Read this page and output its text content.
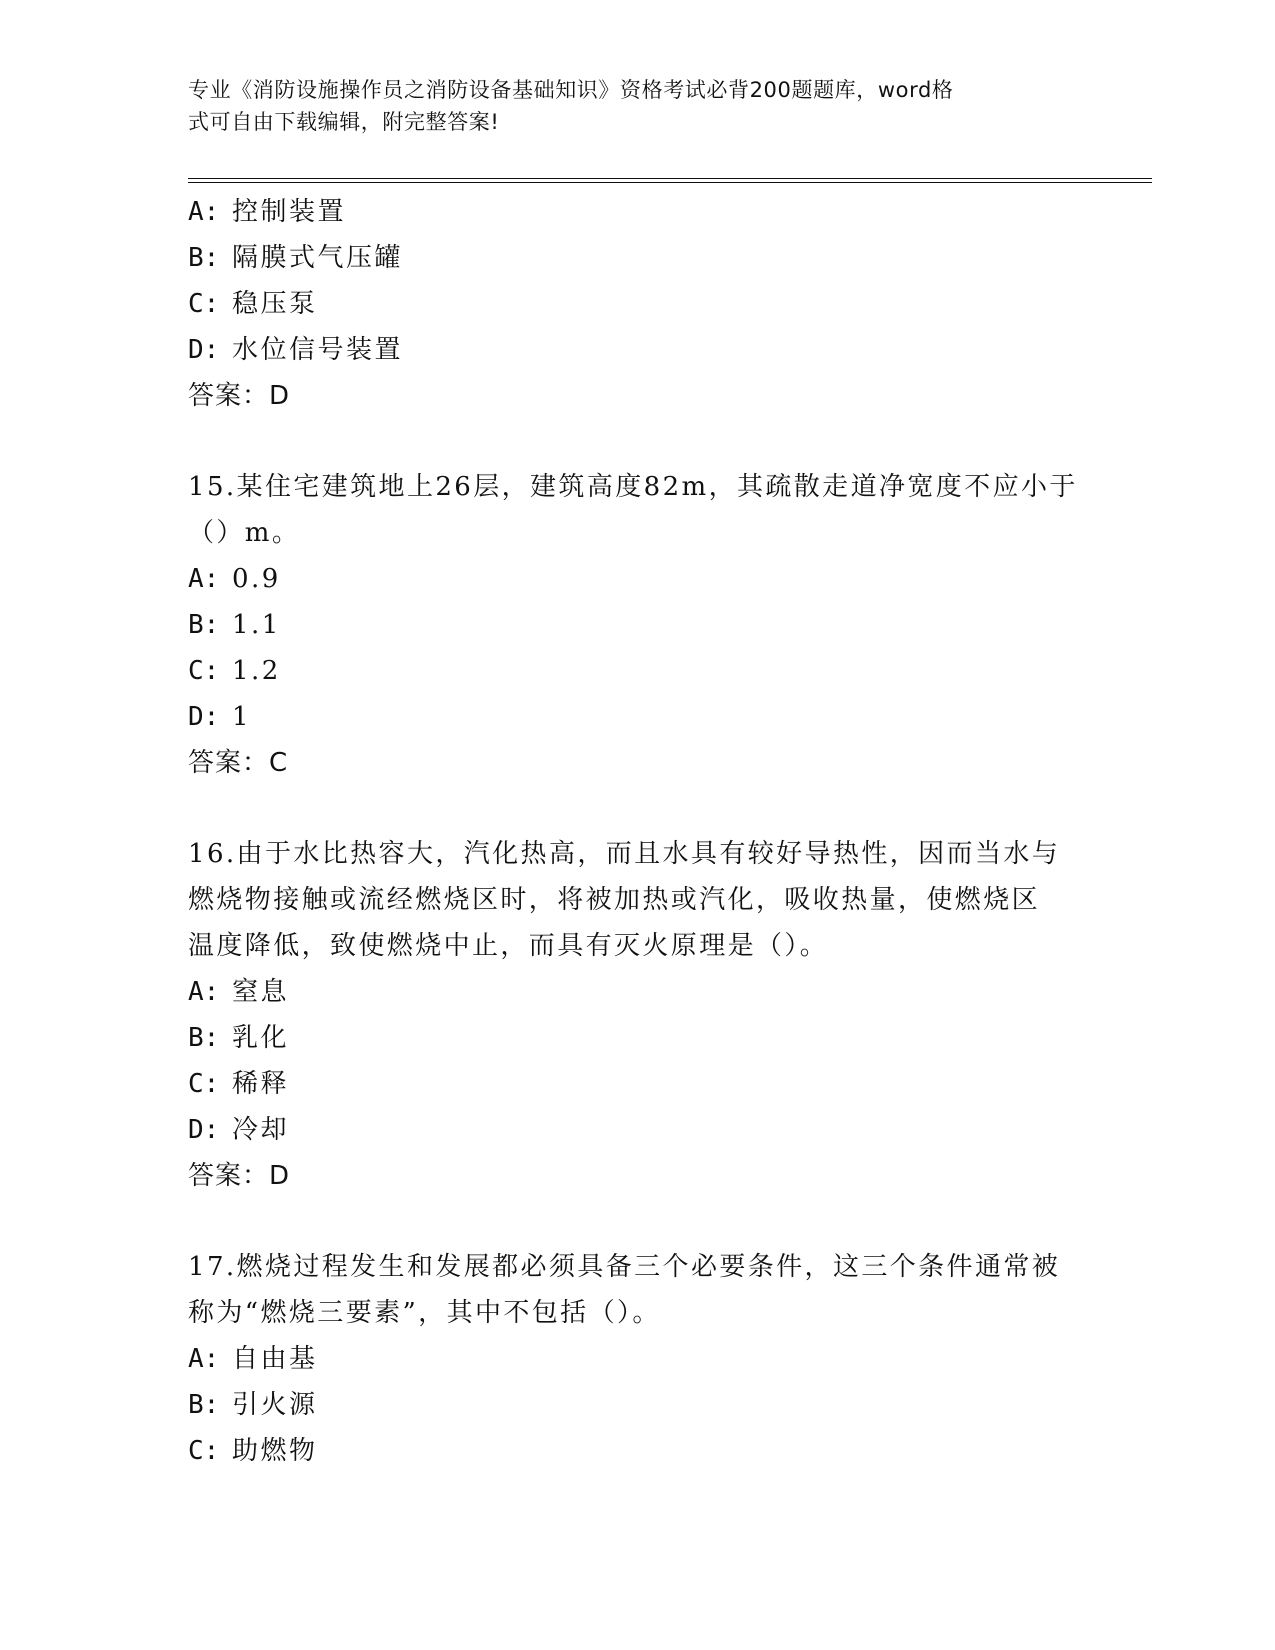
专业《消防设施操作员之消防设备基础知识》资格考试必背200题题库，word格
式可自由下载编辑，附完整答案!
A: 控制装置
B: 隔膜式气压罐
C: 稳压泵
D: 水位信号装置
答案：D
15.某住宅建筑地上26层，建筑高度82m，其疏散走道净宽度不应小于
（）m。
A: 0.9
B: 1.1
C: 1.2
D: 1
答案：C
16.由于水比热容大，汽化热高，而且水具有较好导热性，因而当水与
燃烧物接触或流经燃烧区时，将被加热或汽化，吸收热量，使燃烧区
温度降低，致使燃烧中止，而具有灭火原理是（）。
A: 窒息
B: 乳化
C: 稀释
D: 冷却
答案：D
17.燃烧过程发生和发展都必须具备三个必要条件，这三个条件通常被
称为“燃烧三要素”，其中不包括（）。
A: 自由基
B: 引火源
C: 助燃物
